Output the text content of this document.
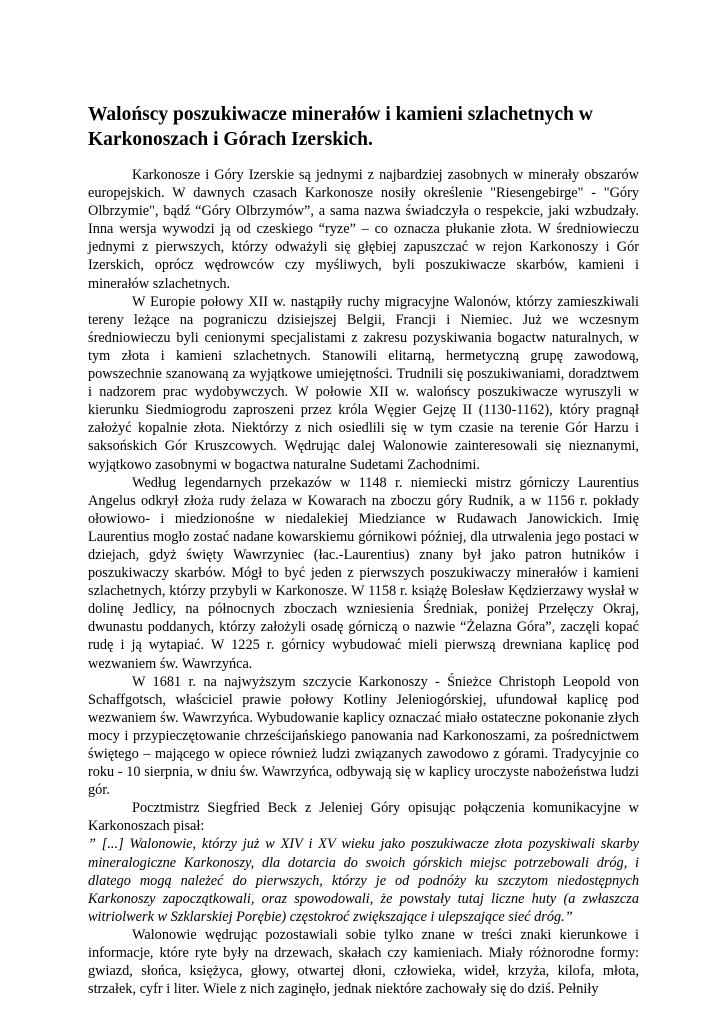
Walońscy poszukiwacze minerałów i kamieni szlachetnych w Karkonoszach i Górach Izerskich.

Karkonosze i Góry Izerskie są jednymi z najbardziej zasobnych w minerały obszarów europejskich. W dawnych czasach Karkonosze nosiły określenie "Riesengebirge" - "Góry Olbrzymie", bądź “Góry Olbrzymów”, a sama nazwa świadczyła o respekcie, jaki wzbudzały. Inna wersja wywodzi ją od czeskiego “ryze” – co oznacza płukanie złota. W średniowieczu jednymi z pierwszych, którzy odważyli się głębiej zapuszczać w rejon Karkonoszy i Gór Izerskich, oprócz wędrowców czy myśliwych, byli poszukiwacze skarbów, kamieni i minerałów szlachetnych.

W Europie połowy XII w. nastąpiły ruchy migracyjne Walonów, którzy zamieszkiwali tereny leżące na pograniczu dzisiejszej Belgii, Francji i Niemiec. Już we wczesnym średniowieczu byli cenionymi specjalistami z zakresu pozyskiwania bogactw naturalnych, w tym złota i kamieni szlachetnych. Stanowili elitarną, hermetyczną grupę zawodową, powszechnie szanowaną za wyjątkowe umiejętności. Trudnili się poszukiwaniami, doradztwem i nadzorem prac wydobywczych. W połowie XII w. walońscy poszukiwacze wyruszyli w kierunku Siedmiogrodu zaproszeni przez króla Węgier Gejzę II (1130-1162), który pragnął założyć kopalnie złota. Niektórzy z nich osiedlili się w tym czasie na terenie Gór Harzu i saksońskich Gór Kruszcowych. Wędrując dalej Walonowie zainteresowali się nieznanymi, wyjątkowo zasobnymi w bogactwa naturalne Sudetami Zachodnimi.

Według legendarnych przekazów w 1148 r. niemiecki mistrz górniczy Laurentius Angelus odkrył złoża rudy żelaza w Kowarach na zboczu góry Rudnik, a w 1156 r. pokłady ołowiowo- i miedzionośne w niedalekiej Miedziance w Rudawach Janowickich. Imię Laurentius mogło zostać nadane kowarskiemu górnikowi później, dla utrwalenia jego postaci w dziejach, gdyż święty Wawrzyniec (łac.-Laurentius) znany był jako patron hutników i poszukiwaczy skarbów. Mógł to być jeden z pierwszych poszukiwaczy minerałów i kamieni szlachetnych, którzy przybyli w Karkonosze. W 1158 r. książę Bolesław Kędzierzawy wysłał w dolinę Jedlicy, na północnych zboczach wzniesienia Średniak, poniżej Przełęczy Okraj, dwunastu poddanych, którzy założyli osadę górniczą o nazwie “Żelazna Góra”, zaczęli kopać rudę i ją wytapiać. W 1225 r. górnicy wybudować mieli pierwszą drewniana kaplicę pod wezwaniem św. Wawrzyńca.

W 1681 r. na najwyższym szczycie Karkonoszy - Śnieżce Christoph Leopold von Schaffgotsch, właściciel prawie połowy Kotliny Jeleniogórskiej, ufundował kaplicę pod wezwaniem św. Wawrzyńca. Wybudowanie kaplicy oznaczać miało ostateczne pokonanie złych mocy i przypieczętowanie chrześcijańskiego panowania nad Karkonoszami, za pośrednictwem świętego – mającego w opiece również ludzi związanych zawodowo z górami. Tradycyjnie co roku - 10 sierpnia, w dniu św. Wawrzyńca, odbywają się w kaplicy uroczyste nabożeństwa ludzi gór.

Pocztmistrz Siegfried Beck z Jeleniej Góry opisując połączenia komunikacyjne w Karkonoszach pisał:

” [...] Walonowie, którzy już w XIV i XV wieku jako poszukiwacze złota pozyskiwali skarby mineralogiczne Karkonoszy, dla dotarcia do swoich górskich miejsc potrzebowali dróg, i dlatego mogą należeć do pierwszych, którzy je od podnóży ku szczytom niedostępnych Karkonoszy zapoczątkowali, oraz spowodowali, że powstały tutaj liczne huty (a zwłaszcza witriolwerk w Szklarskiej Porębie) częstokroć zwiększające i ulepszające sieć dróg.”

Walonowie wędrując pozostawiali sobie tylko znane w treści znaki kierunkowe i informacje, które ryte były na drzewach, skałach czy kamieniach. Miały różnorodne formy: gwiazd, słońca, księżyca, głowy, otwartej dłoni, człowieka, wideł, krzyża, kilofa, młota, strzałek, cyfr i liter. Wiele z nich zaginęło, jednak niektóre zachowały się do dziś. Pełniły
